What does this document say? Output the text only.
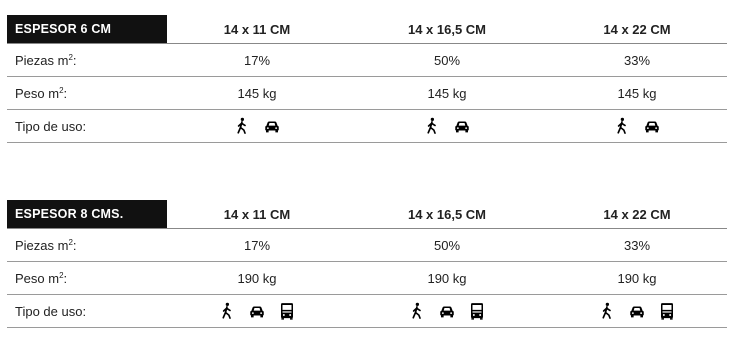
ESPESOR 6 CM	14 x 11 CM	14 x 16,5 CM	14 x 22 CM
Piezas $m^2$:	17%	50%	33%
Peso $m^2$:	145 kg	145 kg	145 kg
Tipo de uso:	

ESPESOR 8 CMS.	14 x 11 CM	14 x 16,5 CM	14 x 22 CM
Piezas $m^2$:	17%	50%	33%
Peso $m^2$:	190 kg	190 kg	190 kg
Tipo de uso:	
